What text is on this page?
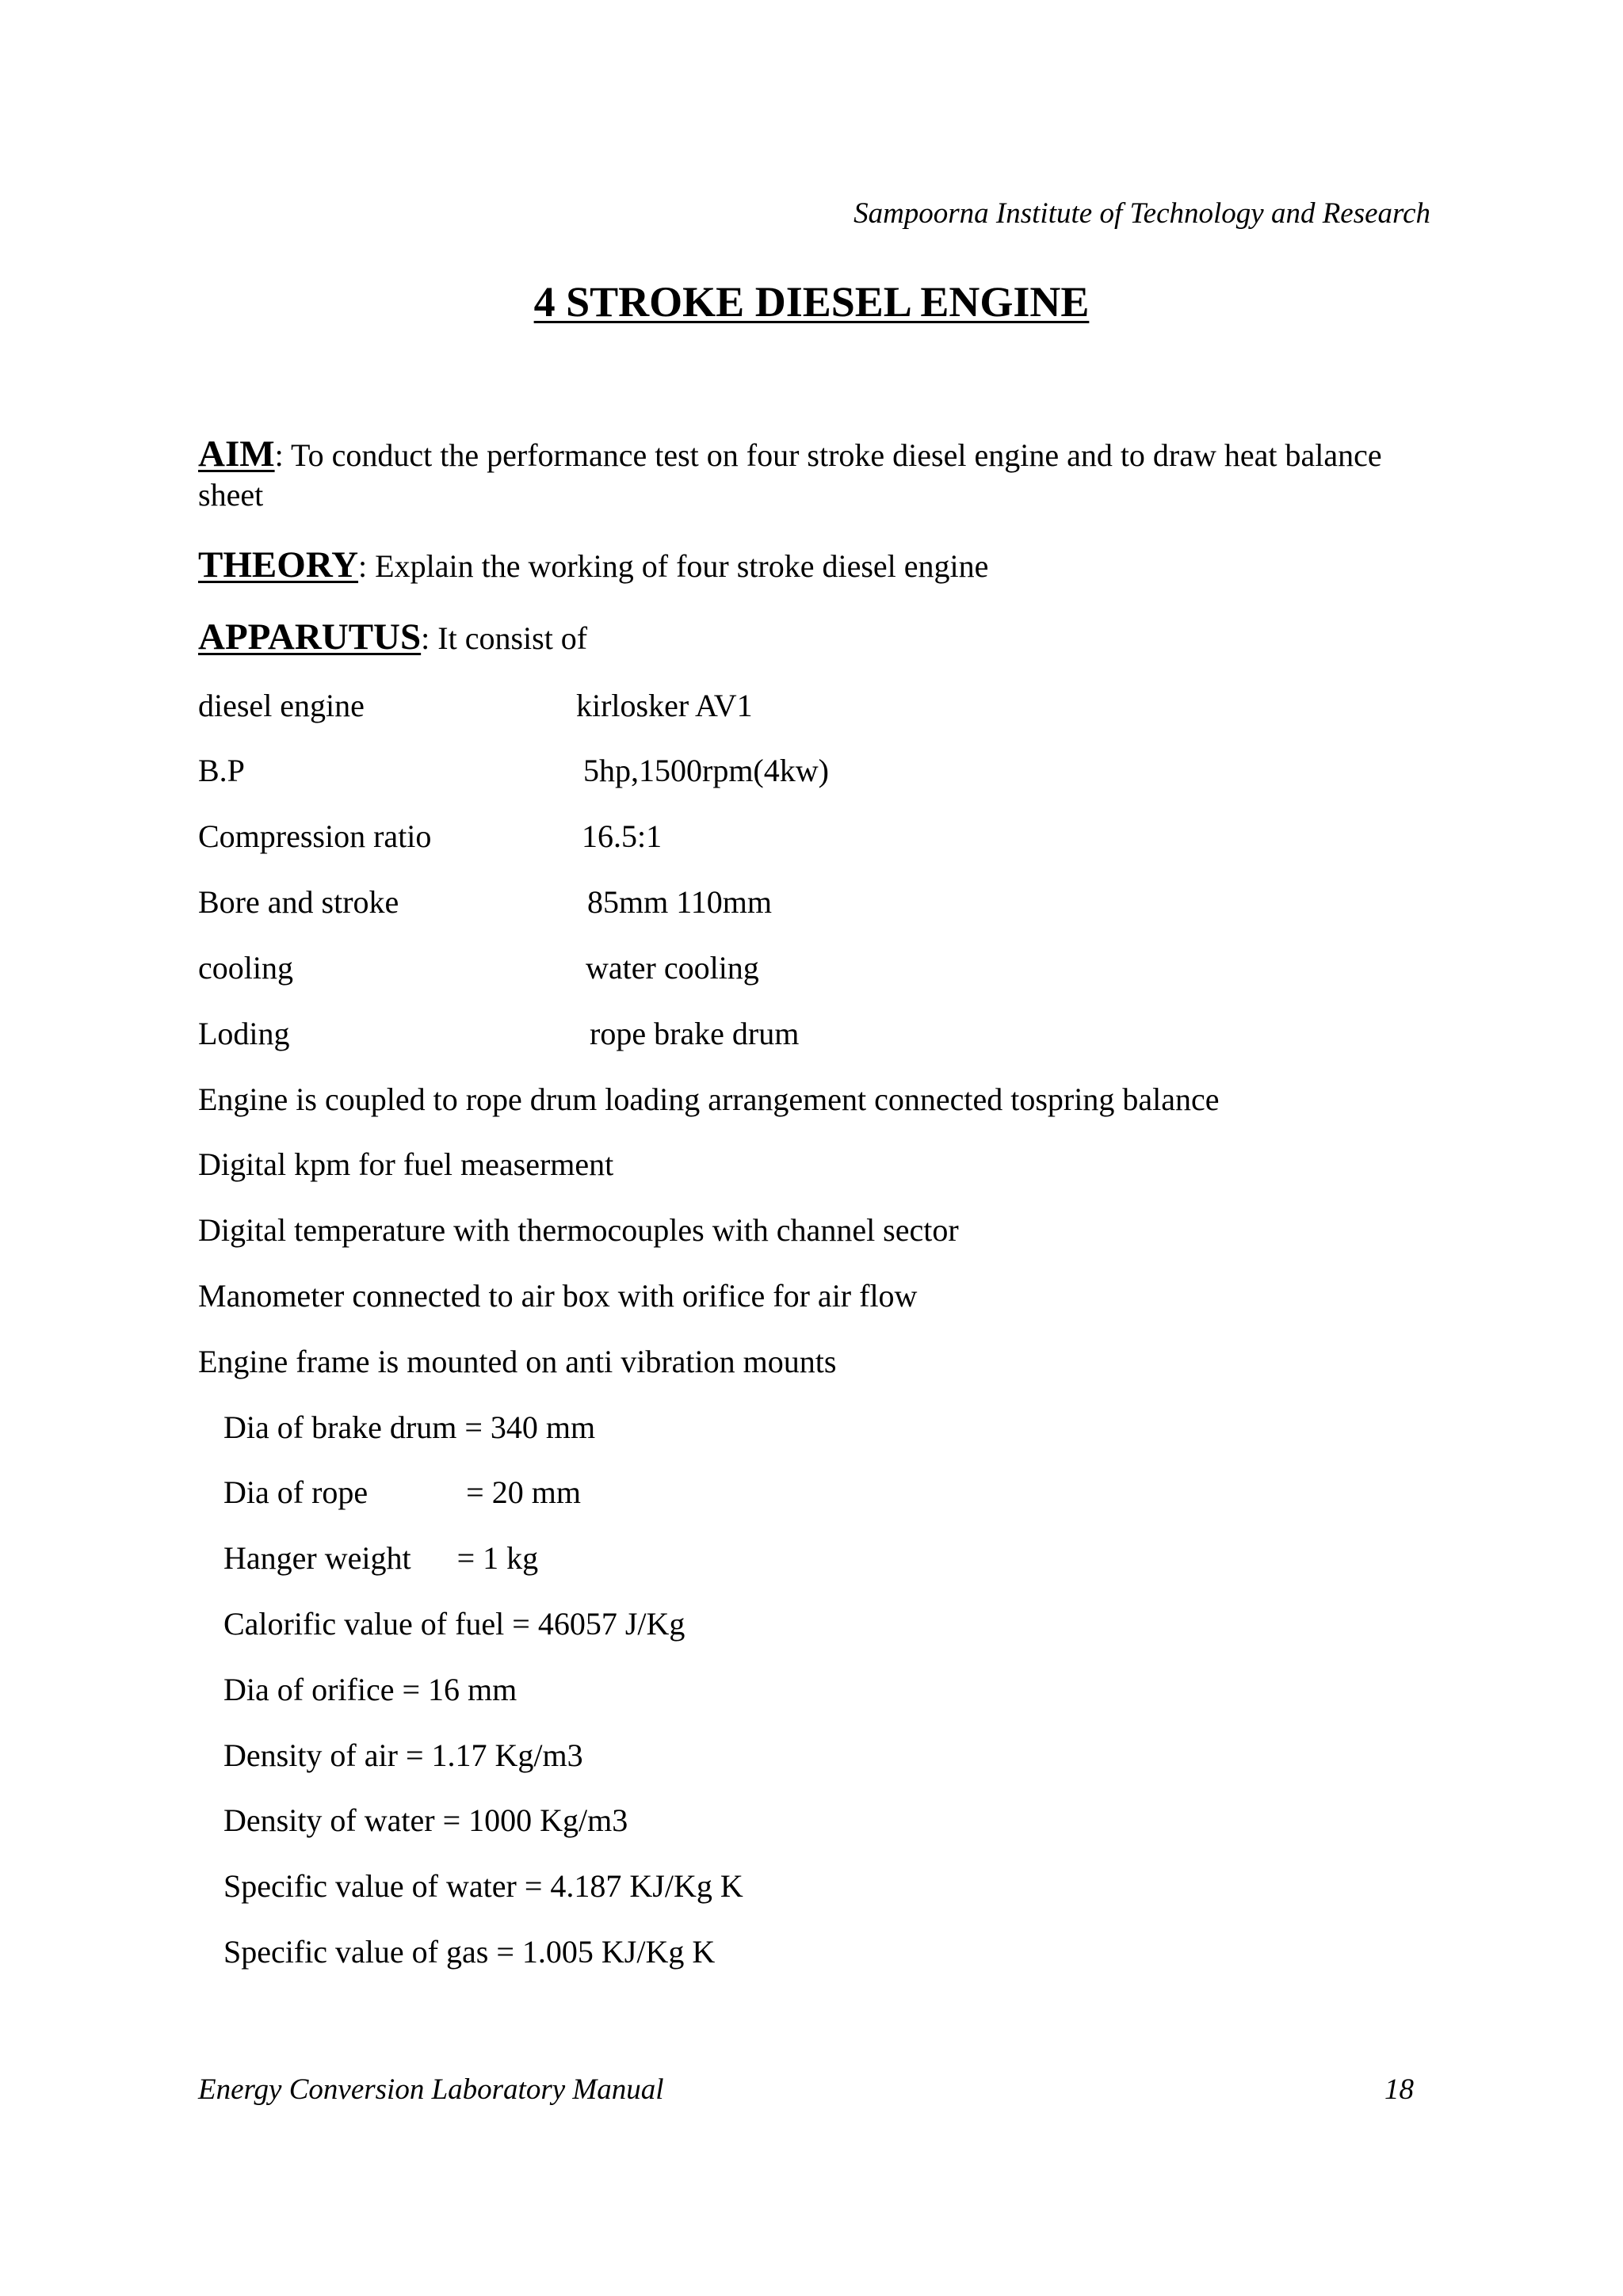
Sampoorna Institute of Technology and Research
4 STROKE DIESEL ENGINE
AIM: To conduct the performance test on four stroke diesel engine and to draw heat balance sheet
THEORY: Explain the working of four stroke diesel engine
APPARUTUS: It consist of
diesel engine	kirlosker AV1
B.P	5hp,1500rpm(4kw)
Compression ratio	16.5:1
Bore and stroke	85mm 110mm
cooling	water cooling
Loding	rope brake drum
Engine is coupled to rope drum loading arrangement connected tospring balance
Digital kpm for fuel measerment
Digital temperature with thermocouples with channel sector
Manometer connected to air box with orifice for air flow
Engine frame is mounted on anti vibration mounts
Dia of brake drum = 340 mm
Dia of rope	= 20 mm
Hanger weight = 1 kg
Calorific value of fuel = 46057 J/Kg
Dia of orifice = 16 mm
Density of air = 1.17 Kg/m3
Density of water = 1000 Kg/m3
Specific value of water = 4.187 KJ/Kg K
Specific value of gas = 1.005 KJ/Kg K
Energy Conversion Laboratory Manual	18
